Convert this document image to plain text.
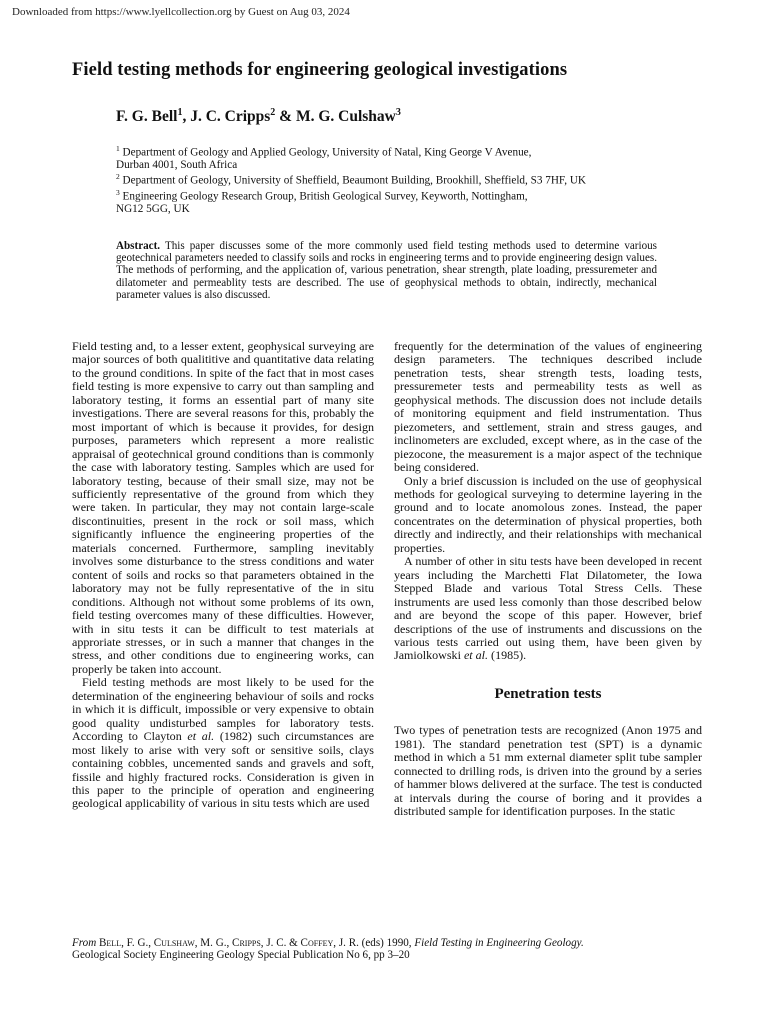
Downloaded from https://www.lyellcollection.org by Guest on Aug 03, 2024
Field testing methods for engineering geological investigations
F. G. Bell$^1$, J. C. Cripps$^2$ & M. G. Culshaw$^3$
$^1$ Department of Geology and Applied Geology, University of Natal, King George V Avenue,
Durban 4001, South Africa
$^2$ Department of Geology, University of Sheffield, Beaumont Building, Brookhill, Sheffield, S3 7HF, UK
$^3$ Engineering Geology Research Group, British Geological Survey, Keyworth, Nottingham,
NG12 5GG, UK
Abstract. This paper discusses some of the more commonly used field testing methods used to determine various geotechnical parameters needed to classify soils and rocks in engineering terms and to provide engineering design values. The methods of performing, and the application of, various penetration, shear strength, plate loading, pressuremeter and dilatometer and permeablity tests are described. The use of geophysical methods to obtain, indirectly, mechanical parameter values is also discussed.

Field testing and, to a lesser extent, geophysical surveying are major sources of both qualititive and quantitative data relating to the ground conditions. In spite of the fact that in most cases field testing is more expensive to carry out than sampling and laboratory testing, it forms an essential part of many site investigations. There are several reasons for this, probably the most important of which is because it provides, for design purposes, parameters which represent a more realistic appraisal of geotechnical ground conditions than is commonly the case with laboratory testing. Samples which are used for laboratory testing, because of their small size, may not be sufficiently representative of the ground from which they were taken. In particular, they may not contain large-scale discontinuities, present in the rock or soil mass, which significantly influence the engineering properties of the materials concerned. Furthermore, sampling inevitably involves some disturbance to the stress conditions and water content of soils and rocks so that parameters obtained in the laboratory may not be fully representative of the in situ conditions. Although not without some problems of its own, field testing overcomes many of these difficulties. However, with in situ tests it can be difficult to test materials at approriate stresses, or in such a manner that changes in the stress, and other conditions due to engineering works, can properly be taken into account.

Field testing methods are most likely to be used for the determination of the engineering behaviour of soils and rocks in which it is difficult, impossible or very expensive to obtain good quality undisturbed samples for laboratory tests. According to Clayton et al. (1982) such circumstances are most likely to arise with very soft or sensitive soils, clays containing cobbles, uncemented sands and gravels and soft, fissile and highly fractured rocks. Consideration is given in this paper to the principle of operation and engineering geological applicability of various in situ tests which are used

frequently for the determination of the values of engineering design parameters. The techniques described include penetration tests, shear strength tests, loading tests, pressuremeter tests and permeability tests as well as geophysical methods. The discussion does not include details of monitoring equipment and field instrumentation. Thus piezometers, and settlement, strain and stress gauges, and inclinometers are excluded, except where, as in the case of the piezocone, the measurement is a major aspect of the technique being considered.

Only a brief discussion is included on the use of geophysical methods for geological surveying to determine layering in the ground and to locate anomolous zones. Instead, the paper concentrates on the determination of physical properties, both directly and indirectly, and their relationships with mechanical properties.

A number of other in situ tests have been developed in recent years including the Marchetti Flat Dilatometer, the Iowa Stepped Blade and various Total Stress Cells. These instruments are used less comonly than those described below and are beyond the scope of this paper. However, brief descriptions of the use of instruments and discussions on the various tests carried out using them, have been given by Jamiolkowski et al. (1985).

Penetration tests

Two types of penetration tests are recognized (Anon 1975 and 1981). The standard penetration test (SPT) is a dynamic method in which a 51 mm external diameter split tube sampler connected to drilling rods, is driven into the ground by a series of hammer blows delivered at the surface. The test is conducted at intervals during the course of boring and it provides a distributed sample for identification purposes. In the static

From Bell, F. G., Culshaw, M. G., Cripps, J. C. & Coffey, J. R. (eds) 1990, Field Testing in Engineering Geology.
Geological Society Engineering Geology Special Publication No 6, pp 3–20
